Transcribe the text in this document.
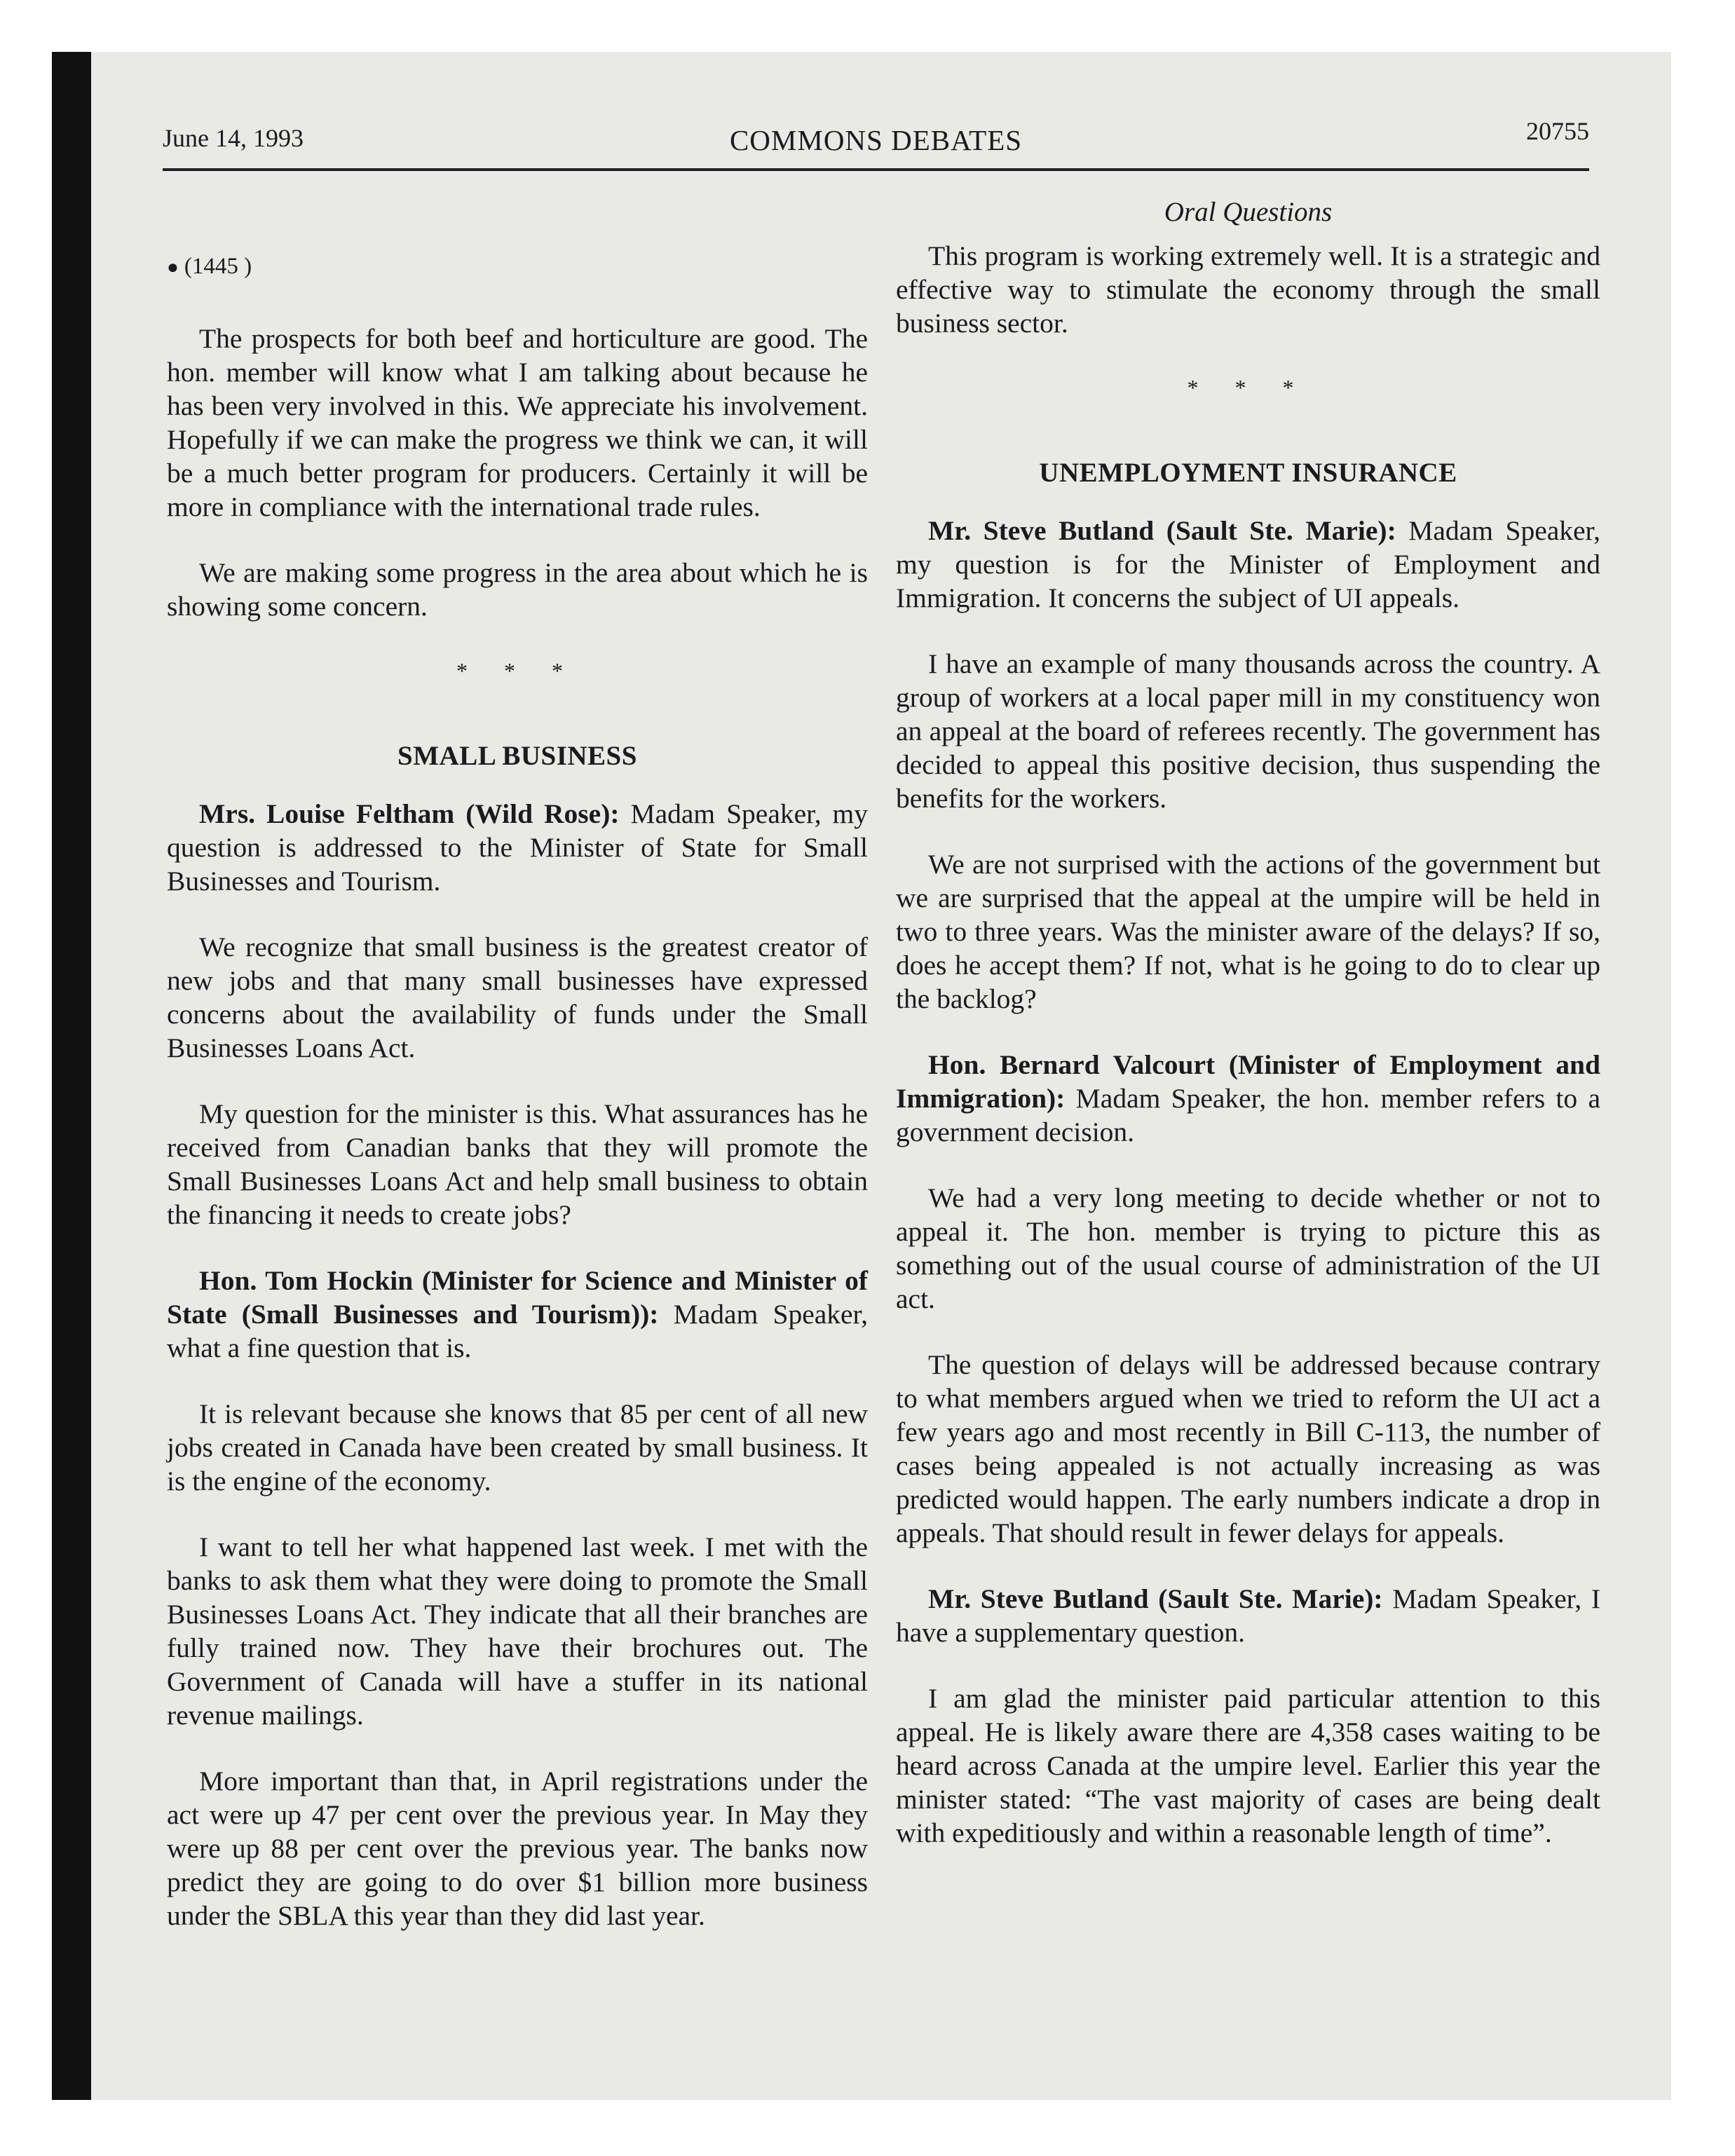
June 14, 1993	COMMONS DEBATES	20755
● (1445 )

The prospects for both beef and horticulture are good. The hon. member will know what I am talking about because he has been very involved in this. We appreciate his involvement. Hopefully if we can make the progress we think we can, it will be a much better program for producers. Certainly it will be more in compliance with the international trade rules.

We are making some progress in the area about which he is showing some concern.

* * *
SMALL BUSINESS

Mrs. Louise Feltham (Wild Rose): Madam Speaker, my question is addressed to the Minister of State for Small Businesses and Tourism.

We recognize that small business is the greatest creator of new jobs and that many small businesses have expressed concerns about the availability of funds under the Small Businesses Loans Act.

My question for the minister is this. What assurances has he received from Canadian banks that they will promote the Small Businesses Loans Act and help small business to obtain the financing it needs to create jobs?

Hon. Tom Hockin (Minister for Science and Minister of State (Small Businesses and Tourism)): Madam Speaker, what a fine question that is.

It is relevant because she knows that 85 per cent of all new jobs created in Canada have been created by small business. It is the engine of the economy.

I want to tell her what happened last week. I met with the banks to ask them what they were doing to promote the Small Businesses Loans Act. They indicate that all their branches are fully trained now. They have their brochures out. The Government of Canada will have a stuffer in its national revenue mailings.

More important than that, in April registrations under the act were up 47 per cent over the previous year. In May they were up 88 per cent over the previous year. The banks now predict they are going to do over $1 billion more business under the SBLA this year than they did last year.

Oral Questions

This program is working extremely well. It is a strategic and effective way to stimulate the economy through the small business sector.

* * *
UNEMPLOYMENT INSURANCE

Mr. Steve Butland (Sault Ste. Marie): Madam Speaker, my question is for the Minister of Employment and Immigration. It concerns the subject of UI appeals.

I have an example of many thousands across the country. A group of workers at a local paper mill in my constituency won an appeal at the board of referees recently. The government has decided to appeal this positive decision, thus suspending the benefits for the workers.

We are not surprised with the actions of the government but we are surprised that the appeal at the umpire will be held in two to three years. Was the minister aware of the delays? If so, does he accept them? If not, what is he going to do to clear up the backlog?

Hon. Bernard Valcourt (Minister of Employment and Immigration): Madam Speaker, the hon. member refers to a government decision.

We had a very long meeting to decide whether or not to appeal it. The hon. member is trying to picture this as something out of the usual course of administration of the UI act.

The question of delays will be addressed because contrary to what members argued when we tried to reform the UI act a few years ago and most recently in Bill C-113, the number of cases being appealed is not actually increasing as was predicted would happen. The early numbers indicate a drop in appeals. That should result in fewer delays for appeals.

Mr. Steve Butland (Sault Ste. Marie): Madam Speaker, I have a supplementary question.

I am glad the minister paid particular attention to this appeal. He is likely aware there are 4,358 cases waiting to be heard across Canada at the umpire level. Earlier this year the minister stated: “The vast majority of cases are being dealt with expeditiously and within a reasonable length of time”.
